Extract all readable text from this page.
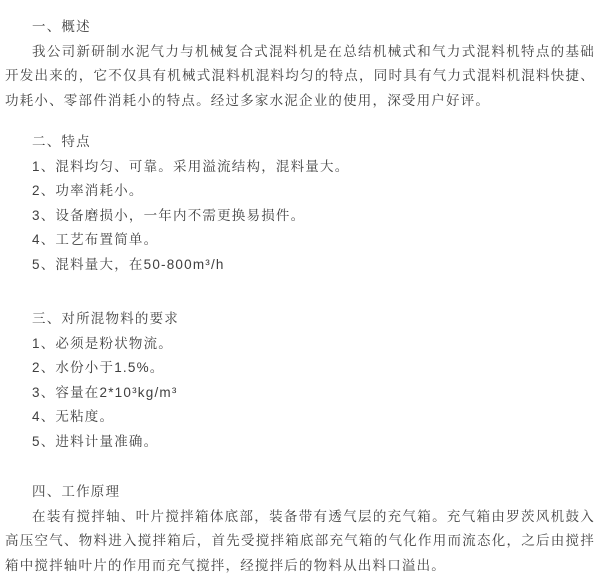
一、概述

我公司新研制水泥气力与机械复合式混料机是在总结机械式和气力式混料机特点的基础开发出来的，它不仅具有机械式混料机混料均匀的特点，同时具有气力式混料机混料快捷、功耗小、零部件消耗小的特点。经过多家水泥企业的使用，深受用户好评。

二、特点
1、混料均匀、可靠。采用溢流结构，混料量大。
2、功率消耗小。
3、设备磨损小，一年内不需更换易损件。
4、工艺布置简单。
5、混料量大，在50-800m³/h
三、对所混物料的要求
1、必须是粉状物流。
2、水份小于1.5%。
3、容量在2*10³kg/m³
4、无粘度。
5、进料计量准确。
四、工作原理

在装有搅拌轴、叶片搅拌箱体底部，装备带有透气层的充气箱。充气箱由罗茨风机鼓入高压空气、物料进入搅拌箱后，首先受搅拌箱底部充气箱的气化作用而流态化，之后由搅拌箱中搅拌轴叶片的作用而充气搅拌，经搅拌后的物料从出料口溢出。
